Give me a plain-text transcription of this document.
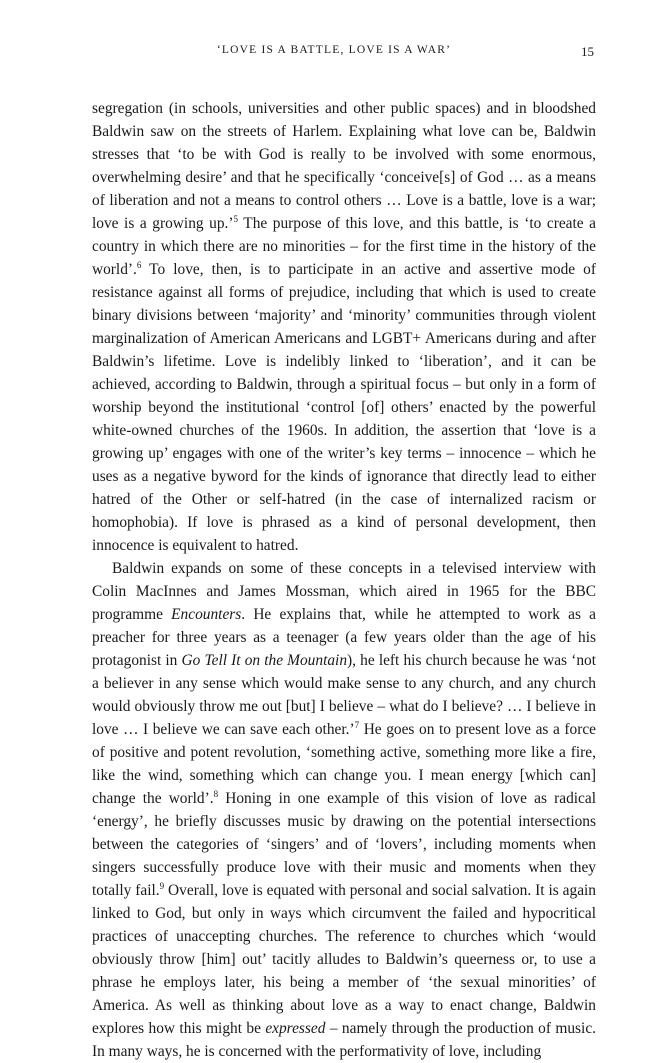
‘LOVE IS A BATTLE, LOVE IS A WAR’	15

segregation (in schools, universities and other public spaces) and in bloodshed Baldwin saw on the streets of Harlem. Explaining what love can be, Baldwin stresses that ‘to be with God is really to be involved with some enormous, overwhelming desire’ and that he specifically ‘conceive[s] of God … as a means of liberation and not a means to control others … Love is a battle, love is a war; love is a growing up.’$^5$ The purpose of this love, and this battle, is ‘to create a country in which there are no minorities – for the first time in the history of the world’.$^6$ To love, then, is to participate in an active and assertive mode of resistance against all forms of prejudice, including that which is used to create binary divisions between ‘majority’ and ‘minority’ communities through violent marginalization of American Americans and LGBT+ Americans during and after Baldwin’s lifetime. Love is indelibly linked to ‘liberation’, and it can be achieved, according to Baldwin, through a spiritual focus – but only in a form of worship beyond the institutional ‘control [of] others’ enacted by the powerful white-owned churches of the 1960s. In addition, the assertion that ‘love is a growing up’ engages with one of the writer’s key terms – innocence – which he uses as a negative byword for the kinds of ignorance that directly lead to either hatred of the Other or self-hatred (in the case of internalized racism or homophobia). If love is phrased as a kind of personal development, then innocence is equivalent to hatred.

Baldwin expands on some of these concepts in a televised interview with Colin MacInnes and James Mossman, which aired in 1965 for the BBC programme Encounters. He explains that, while he attempted to work as a preacher for three years as a teenager (a few years older than the age of his protagonist in Go Tell It on the Mountain), he left his church because he was ‘not a believer in any sense which would make sense to any church, and any church would obviously throw me out [but] I believe – what do I believe? … I believe in love … I believe we can save each other.’$^7$ He goes on to present love as a force of positive and potent revolution, ‘something active, something more like a fire, like the wind, something which can change you. I mean energy [which can] change the world’.$^8$ Honing in one example of this vision of love as radical ‘energy’, he briefly discusses music by drawing on the potential intersections between the categories of ‘singers’ and of ‘lovers’, including moments when singers successfully produce love with their music and moments when they totally fail.$^9$ Overall, love is equated with personal and social salvation. It is again linked to God, but only in ways which circumvent the failed and hypocritical practices of unaccepting churches. The reference to churches which ‘would obviously throw [him] out’ tacitly alludes to Baldwin’s queerness or, to use a phrase he employs later, his being a member of ‘the sexual minorities’ of America. As well as thinking about love as a way to enact change, Baldwin explores how this might be expressed – namely through the production of music. In many ways, he is concerned with the performativity of love, including
